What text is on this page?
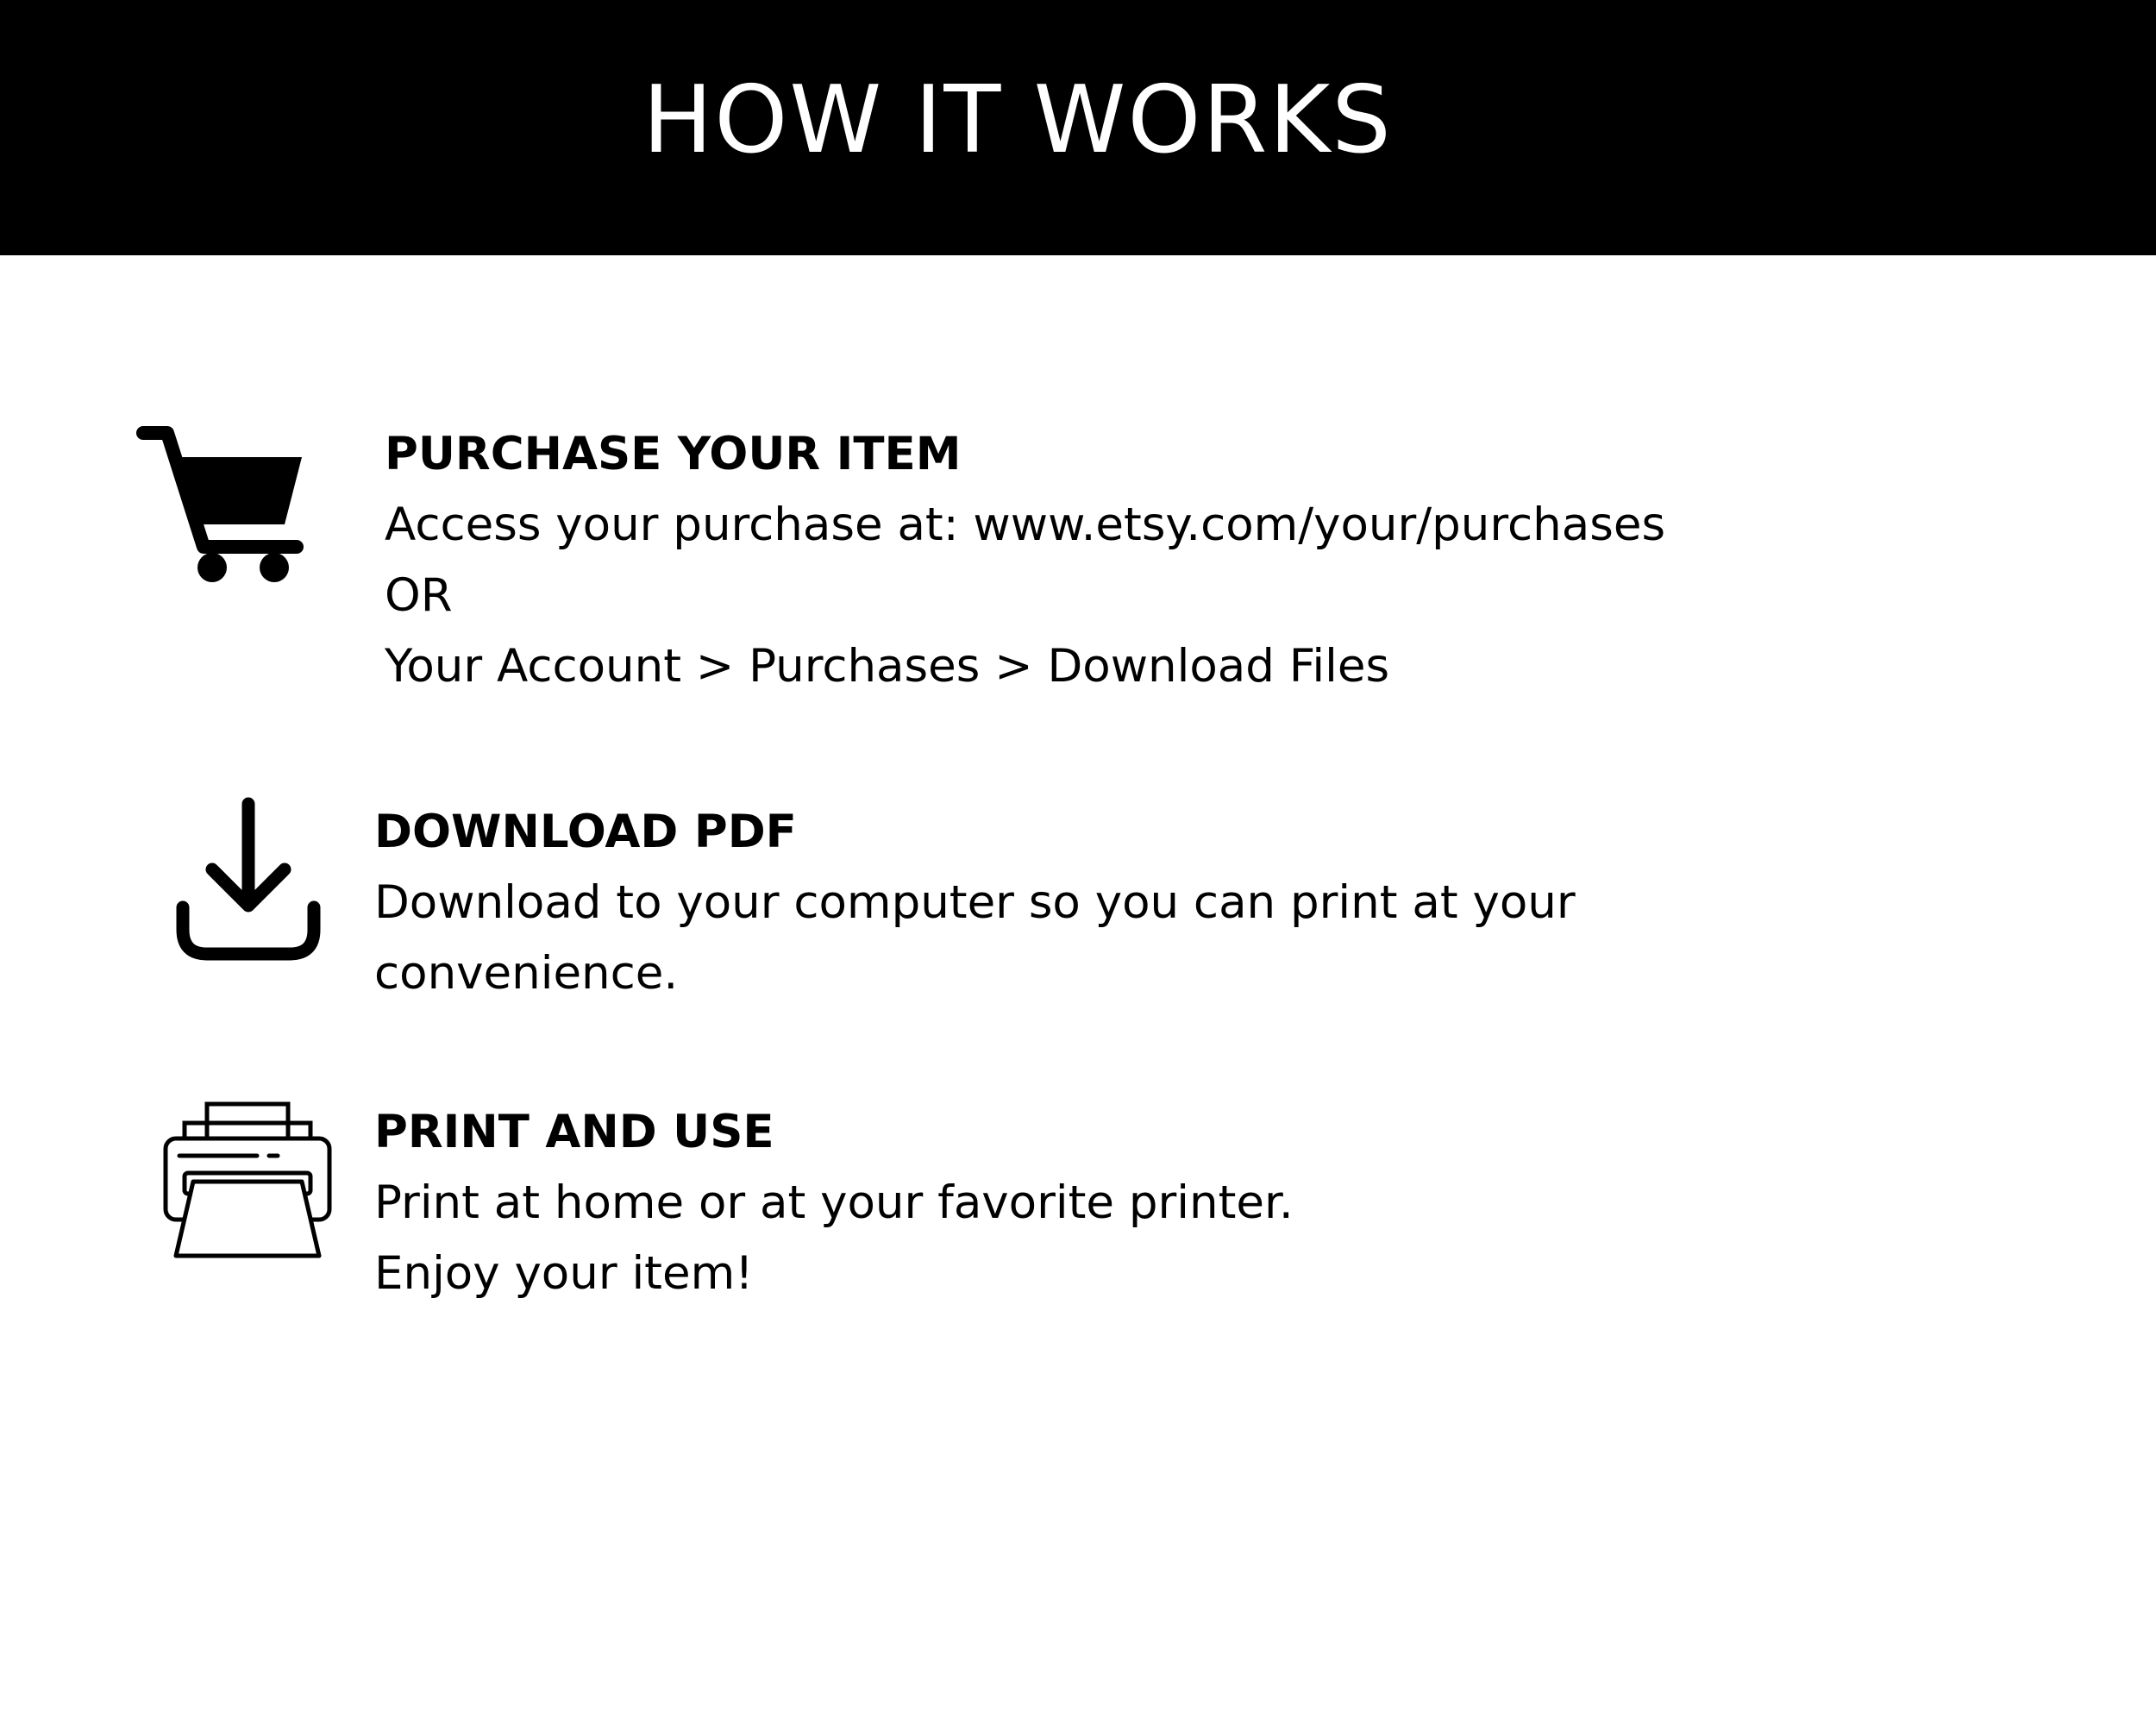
HOW IT WORKS
PURCHASE YOUR ITEM
Access your purchase at: www.etsy.com/your/purchases
OR
Your Account > Purchases > Download Files
DOWNLOAD PDF
Download to your computer so you can print at your
convenience.
PRINT AND USE
Print at home or at your favorite printer.
Enjoy your item!
